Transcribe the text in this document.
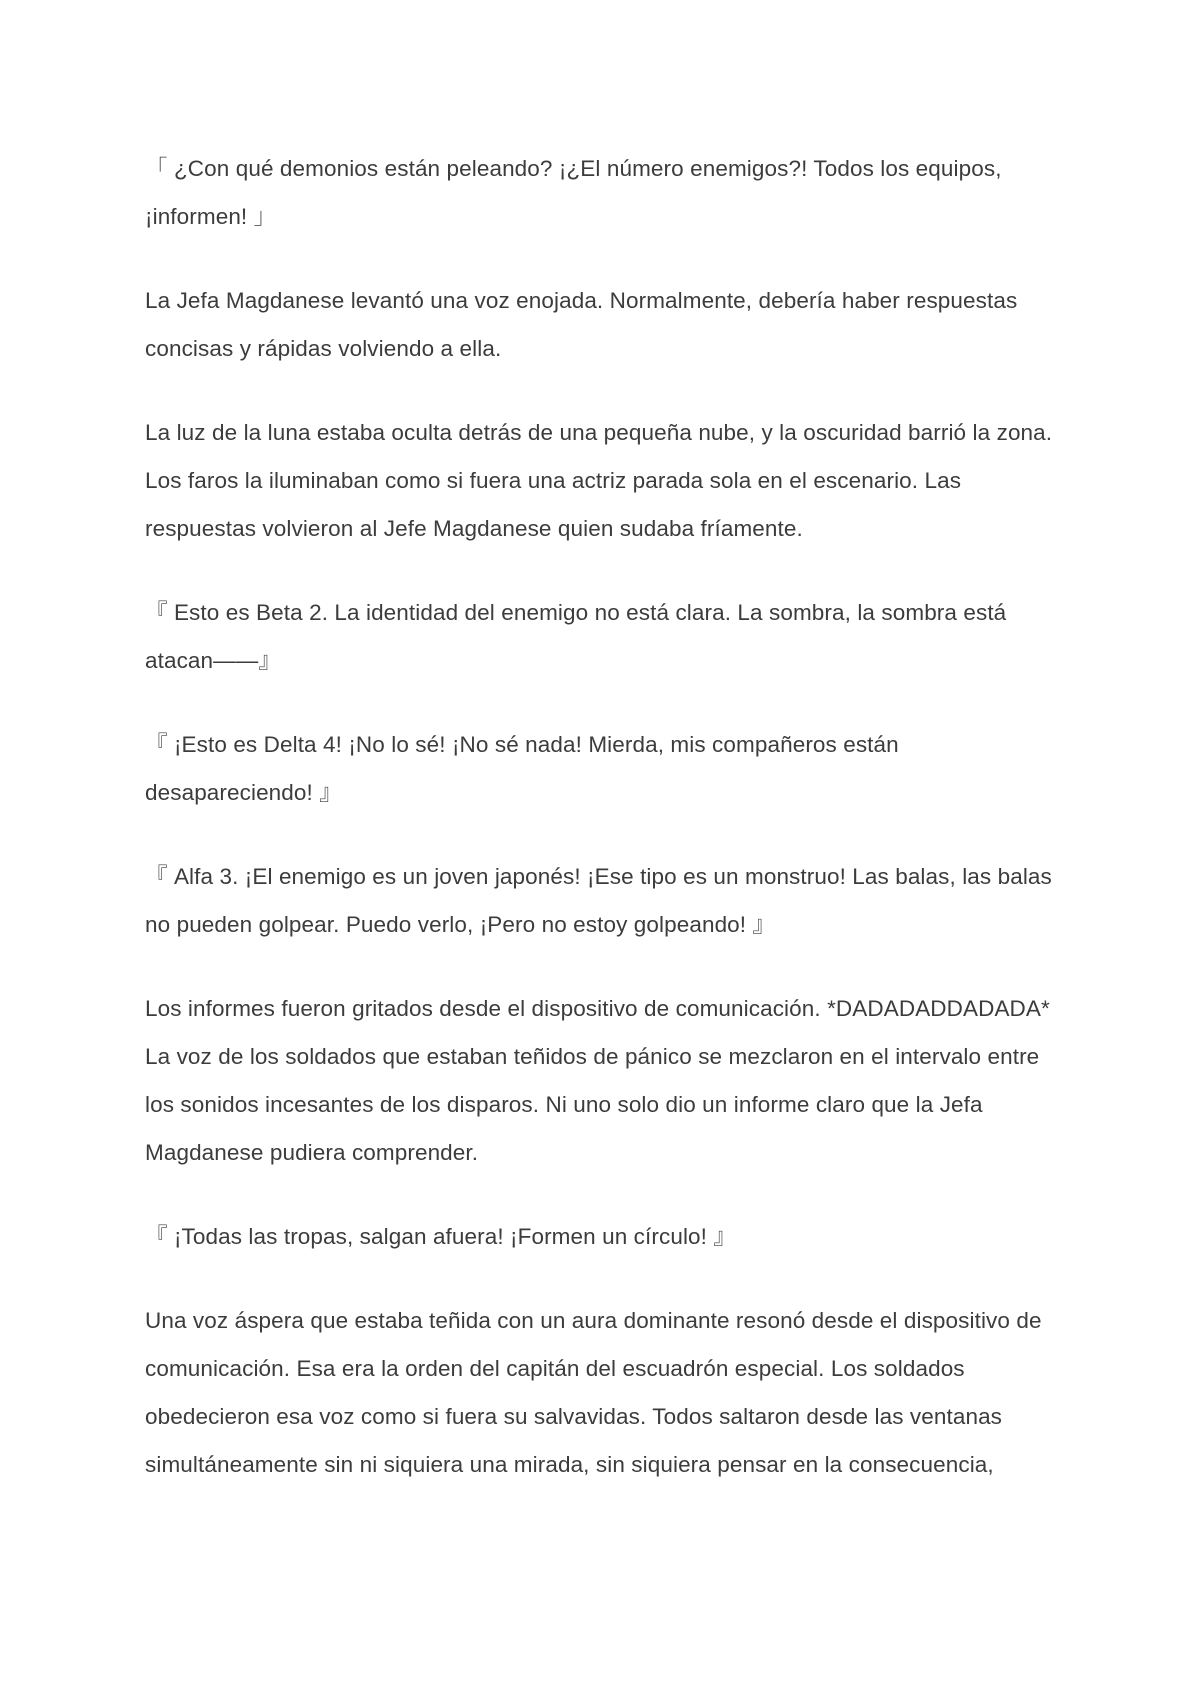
「 ¿Con qué demonios están peleando? ¡¿El número enemigos?! Todos los equipos, ¡informen! 」

La Jefa Magdanese levantó una voz enojada. Normalmente, debería haber respuestas concisas y rápidas volviendo a ella.

La luz de la luna estaba oculta detrás de una pequeña nube, y la oscuridad barrió la zona. Los faros la iluminaban como si fuera una actriz parada sola en el escenario. Las respuestas volvieron al Jefe Magdanese quien sudaba fríamente.

『 Esto es Beta 2. La identidad del enemigo no está clara. La sombra, la sombra está atacan——』

『 ¡Esto es Delta 4! ¡No lo sé! ¡No sé nada! Mierda, mis compañeros están desapareciendo! 』

『 Alfa 3. ¡El enemigo es un joven japonés! ¡Ese tipo es un monstruo! Las balas, las balas no pueden golpear. Puedo verlo, ¡Pero no estoy golpeando! 』

Los informes fueron gritados desde el dispositivo de comunicación. *DADADADDADADA* La voz de los soldados que estaban teñidos de pánico se mezclaron en el intervalo entre los sonidos incesantes de los disparos. Ni uno solo dio un informe claro que la Jefa Magdanese pudiera comprender.

『 ¡Todas las tropas, salgan afuera! ¡Formen un círculo! 』

Una voz áspera que estaba teñida con un aura dominante resonó desde el dispositivo de comunicación. Esa era la orden del capitán del escuadrón especial. Los soldados obedecieron esa voz como si fuera su salvavidas. Todos saltaron desde las ventanas simultáneamente sin ni siquiera una mirada, sin siquiera pensar en la consecuencia,
